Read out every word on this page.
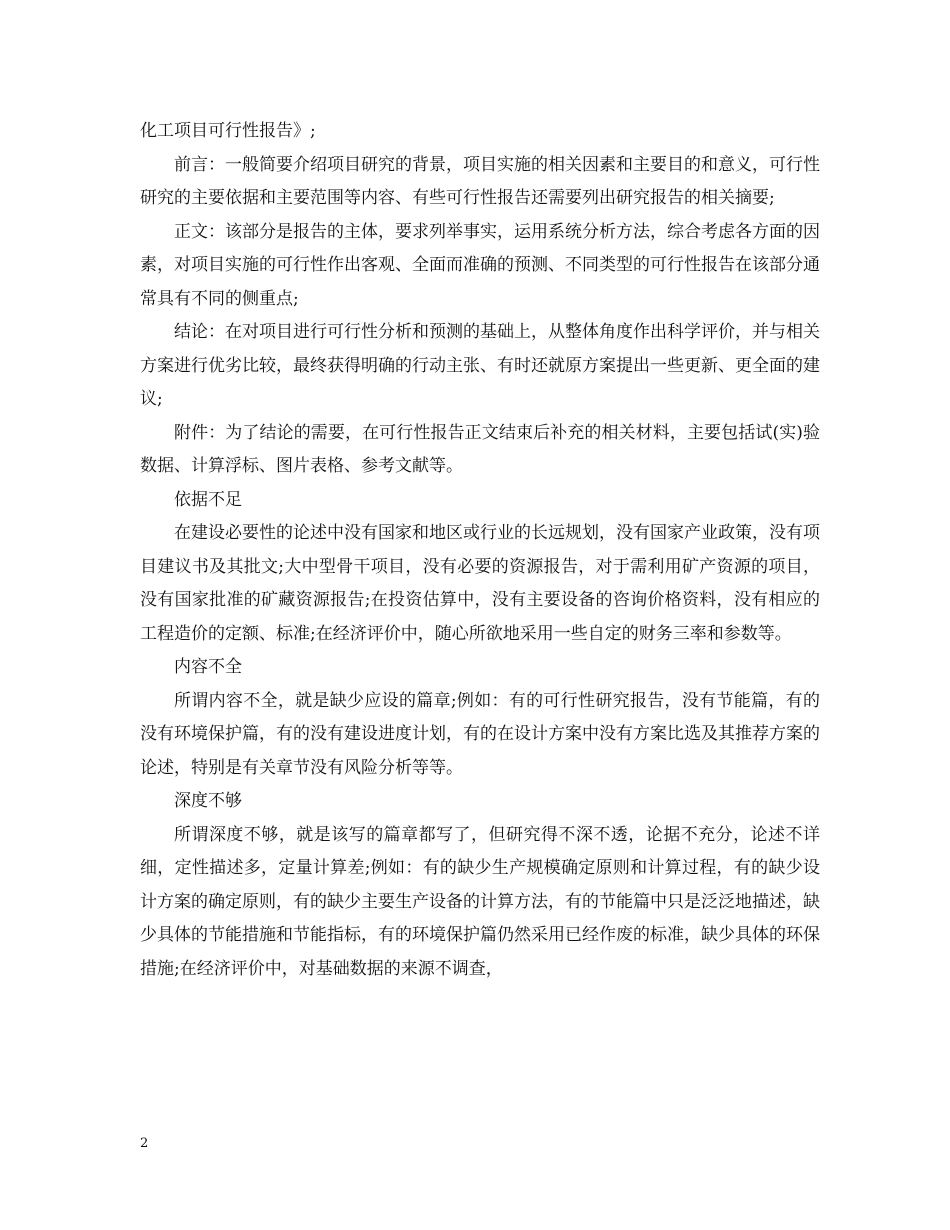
化工项目可行性报告》;

前言：一般简要介绍项目研究的背景，项目实施的相关因素和主要目的和意义，可行性研究的主要依据和主要范围等内容、有些可行性报告还需要列出研究报告的相关摘要;

正文：该部分是报告的主体，要求列举事实，运用系统分析方法，综合考虑各方面的因素，对项目实施的可行性作出客观、全面而准确的预测、不同类型的可行性报告在该部分通常具有不同的侧重点;

结论：在对项目进行可行性分析和预测的基础上，从整体角度作出科学评价，并与相关方案进行优劣比较，最终获得明确的行动主张、有时还就原方案提出一些更新、更全面的建议;

附件：为了结论的需要，在可行性报告正文结束后补充的相关材料，主要包括试(实)验数据、计算浮标、图片表格、参考文献等。

依据不足

在建设必要性的论述中没有国家和地区或行业的长远规划，没有国家产业政策，没有项目建议书及其批文;大中型骨干项目，没有必要的资源报告，对于需利用矿产资源的项目，没有国家批准的矿藏资源报告;在投资估算中，没有主要设备的咨询价格资料，没有相应的工程造价的定额、标准;在经济评价中，随心所欲地采用一些自定的财务三率和参数等。

内容不全

所谓内容不全，就是缺少应设的篇章;例如：有的可行性研究报告，没有节能篇，有的没有环境保护篇，有的没有建设进度计划，有的在设计方案中没有方案比选及其推荐方案的论述，特别是有关章节没有风险分析等等。

深度不够

所谓深度不够，就是该写的篇章都写了，但研究得不深不透，论据不充分，论述不详细，定性描述多，定量计算差;例如：有的缺少生产规模确定原则和计算过程，有的缺少设计方案的确定原则，有的缺少主要生产设备的计算方法，有的节能篇中只是泛泛地描述，缺少具体的节能措施和节能指标，有的环境保护篇仍然采用已经作废的标准，缺少具体的环保措施;在经济评价中，对基础数据的来源不调查，

2
